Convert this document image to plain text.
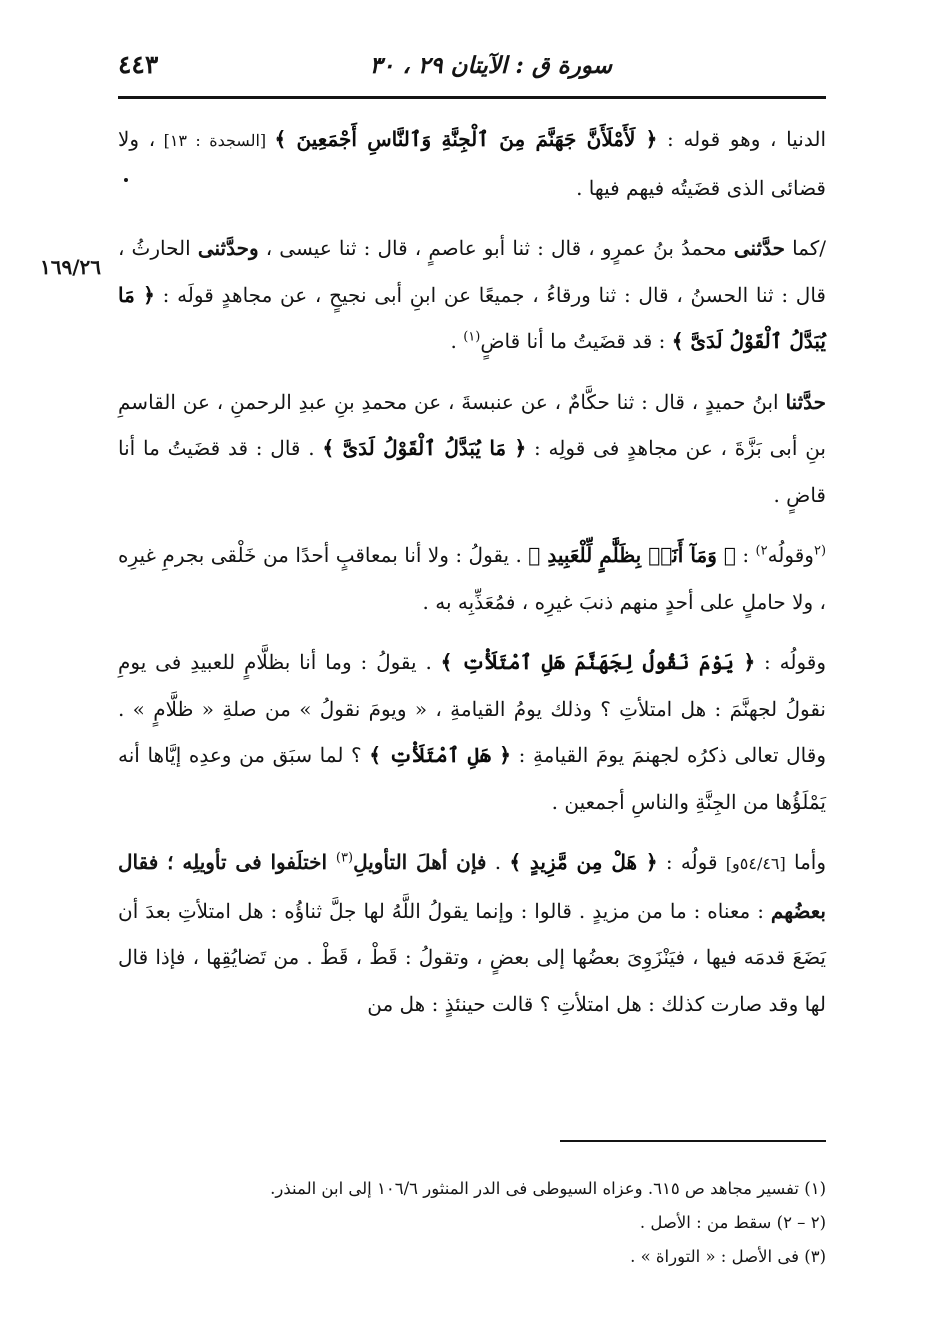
٤٤٣	سورة ق : الآيتان ٢٩ ، ٣٠
١٦٩/٢٦

الدنيا ، وهو قوله : ﴿ لَأَمْلَأَنَّ جَهَنَّمَ مِنَ ٱلْجِنَّةِ وَٱلنَّاسِ أَجْمَعِينَ ﴾ [السجدة : ١٣] ، ولا قضائى الذى قضَيتُه فيهم فيها .

/كما حدَّثنى محمدُ بنُ عمرٍو ، قال : ثنا أبو عاصمٍ ، قال : ثنا عيسى ، وحدَّثنى الحارثُ ، قال : ثنا الحسنُ ، قال : ثنا ورقاءُ ، جميعًا عن ابنِ أبى نجيحٍ ، عن مجاهدٍ قولَه : ﴿ مَا يُبَدَّلُ ٱلْقَوْلُ لَدَىَّ ﴾ : قد قضَيتُ ما أنا قاضٍ$^{(١)}$ .

حدَّثنا ابنُ حميدٍ ، قال : ثنا حكَّامٌ ، عن عنبسةَ ، عن محمدِ بنِ عبدِ الرحمنِ ، عن القاسمِ بنِ أبى بَزَّةَ ، عن مجاهدٍ فى قولِه : ﴿ مَا يُبَدَّلُ ٱلْقَوْلُ لَدَىَّ ﴾ . قال : قد قضَيتُ ما أنا قاضٍ .

$^{(٢}$وقولُه$^{٢)}$ : ﴿ وَمَآ أَنَا۠ بِظَلَّٰمٍ لِّلْعَبِيدِ ﴾ . يقولُ : ولا أنا بمعاقبٍ أحدًا من خَلْقى بجرمِ غيرِه ، ولا حاملٍ على أحدٍ منهم ذنبَ غيرِه ، فمُعَذِّبِه به .

وقولُه : ﴿ يَوْمَ نَقُولُ لِجَهَنَّمَ هَلِ ٱمْتَلَأْتِ ﴾ . يقولُ : وما أنا بظلَّامٍ للعبيدِ فى يومِ نقولُ لجهنَّمَ : هل امتلأتِ ؟ وذلك يومُ القيامةِ ، « ويومَ نقولُ » من صلةِ « ظلَّامٍ » . وقال تعالى ذكرُه لجهنمَ يومَ القيامةِ : ﴿ هَلِ ٱمْتَلَأْتِ ﴾ ؟ لما سبَق من وعدِه إيَّاها أنه يَمْلَؤُها من الجِنَّةِ والناسِ أجمعين .

وأما [٥٤/٤٦و] قولُه : ﴿ هَلْ مِن مَّزِيدٍ ﴾ . فإن أهلَ التأويلِ$^{(٣)}$ اختلَفوا فى تأويلِه ؛ فقال بعضُهم : معناه : ما من مزيدٍ . قالوا : وإنما يقولُ اللَّهُ لها جلَّ ثناؤُه : هل امتلأتِ بعدَ أن يَضَعَ قدمَه فيها ، فيَنْزَوِىَ بعضُها إلى بعضٍ ، وتقولُ : قَطْ ، قَطْ . من تَضايُقِها ، فإذا قال لها وقد صارت كذلك : هل امتلأتِ ؟ قالت حينئذٍ : هل من

(١) تفسير مجاهد ص ٦١٥. وعزاه السيوطى فى الدر المنثور ١٠٦/٦ إلى ابن المنذر.
(٢ – ٢) سقط من : الأصل .
(٣) فى الأصل : « التوراة » .
